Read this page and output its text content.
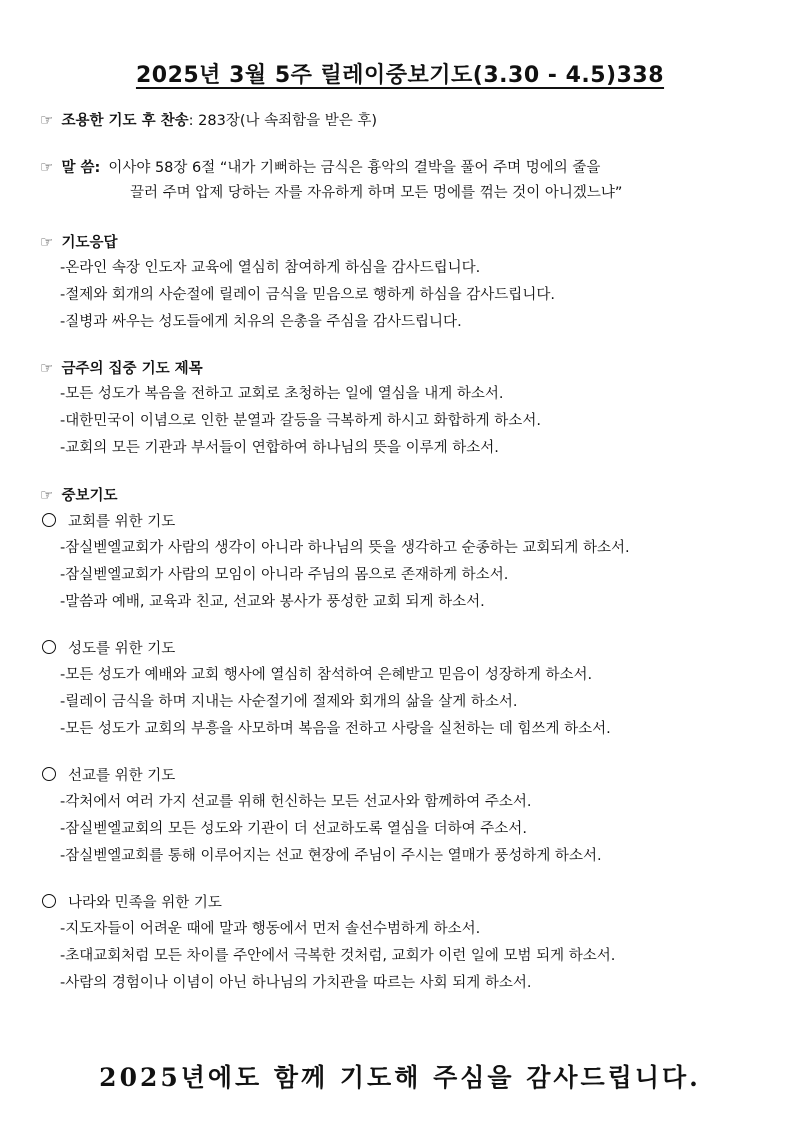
2025년 3월 5주 릴레이중보기도(3.30 - 4.5)338
☞ 조용한 기도 후 찬송: 283장(나 속죄함을 받은 후)
☞ 말 씀: 이사야 58장 6절 “내가 기뻐하는 금식은 흉악의 결박을 풀어 주며 멍에의 줄을
끌러 주며 압제 당하는 자를 자유하게 하며 모든 멍에를 꺾는 것이 아니겠느냐”
☞ 기도응답
-온라인 속장 인도자 교육에 열심히 참여하게 하심을 감사드립니다.
-절제와 회개의 사순절에 릴레이 금식을 믿음으로 행하게 하심을 감사드립니다.
-질병과 싸우는 성도들에게 치유의 은총을 주심을 감사드립니다.
☞ 금주의 집중 기도 제목
-모든 성도가 복음을 전하고 교회로 초청하는 일에 열심을 내게 하소서.
-대한민국이 이념으로 인한 분열과 갈등을 극복하게 하시고 화합하게 하소서.
-교회의 모든 기관과 부서들이 연합하여 하나님의 뜻을 이루게 하소서.
☞ 중보기도
교회를 위한 기도
-잠실벧엘교회가 사람의 생각이 아니라 하나님의 뜻을 생각하고 순종하는 교회되게 하소서.
-잠실벧엘교회가 사람의 모임이 아니라 주님의 몸으로 존재하게 하소서.
-말씀과 예배, 교육과 친교, 선교와 봉사가 풍성한 교회 되게 하소서.
성도를 위한 기도
-모든 성도가 예배와 교회 행사에 열심히 참석하여 은혜받고 믿음이 성장하게 하소서.
-릴레이 금식을 하며 지내는 사순절기에 절제와 회개의 삶을 살게 하소서.
-모든 성도가 교회의 부흥을 사모하며 복음을 전하고 사랑을 실천하는 데 힘쓰게 하소서.
선교를 위한 기도
-각처에서 여러 가지 선교를 위해 헌신하는 모든 선교사와 함께하여 주소서.
-잠실벧엘교회의 모든 성도와 기관이 더 선교하도록 열심을 더하여 주소서.
-잠실벧엘교회를 통해 이루어지는 선교 현장에 주님이 주시는 열매가 풍성하게 하소서.
나라와 민족을 위한 기도
-지도자들이 어려운 때에 말과 행동에서 먼저 솔선수범하게 하소서.
-초대교회처럼 모든 차이를 주안에서 극복한 것처럼, 교회가 이런 일에 모범 되게 하소서.
-사람의 경험이나 이념이 아닌 하나님의 가치관을 따르는 사회 되게 하소서.
2025년에도 함께 기도해 주심을 감사드립니다.
